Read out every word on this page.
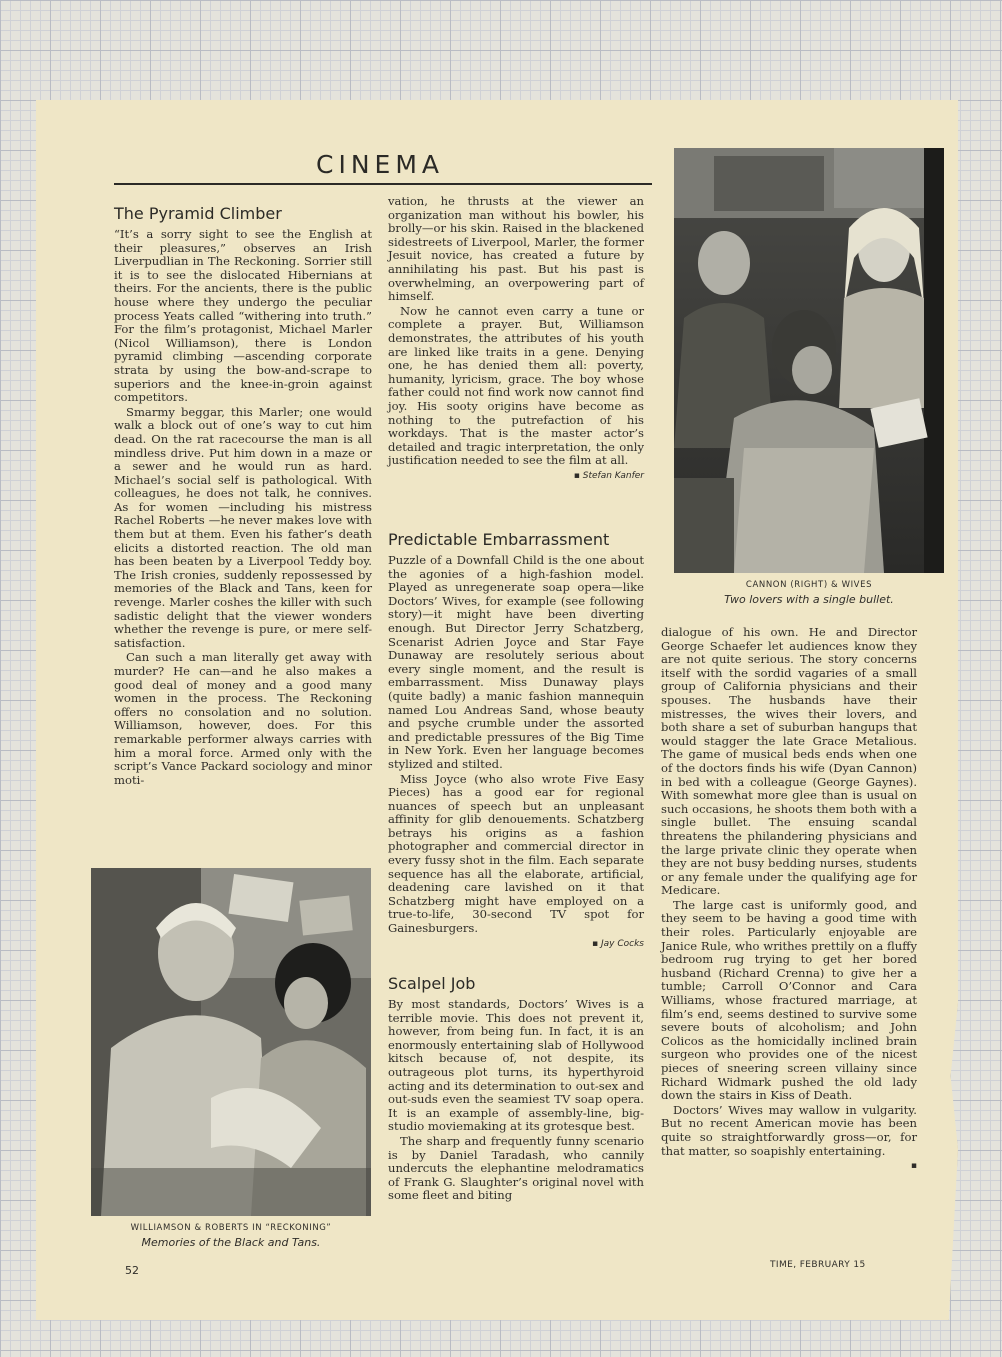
CINEMA
The Pyramid Climber

“It’s a sorry sight to see the English at their pleasures,” observes an Irish Liverpudlian in The Reckoning. Sorrier still it is to see the dislocated Hibernians at theirs. For the ancients, there is the public house where they undergo the peculiar process Yeats called “withering into truth.” For the film’s protagonist, Michael Marler (Nicol Williamson), there is London pyramid climbing —ascending corporate strata by using the bow-and-scrape to superiors and the knee-in-groin against competitors.

Smarmy beggar, this Marler; one would walk a block out of one’s way to cut him dead. On the rat racecourse the man is all mindless drive. Put him down in a maze or a sewer and he would run as hard. Michael’s social self is pathological. With colleagues, he does not talk, he connives. As for women —including his mistress Rachel Roberts —he never makes love with them but at them. Even his father’s death elicits a distorted reaction. The old man has been beaten by a Liverpool Teddy boy. The Irish cronies, suddenly repossessed by memories of the Black and Tans, keen for revenge. Marler coshes the killer with such sadistic delight that the viewer wonders whether the revenge is pure, or mere self-satisfaction.

Can such a man literally get away with murder? He can—and he also makes a good deal of money and a good many women in the process. The Reckoning offers no consolation and no solution. Williamson, however, does. For this remarkable performer always carries with him a moral force. Armed only with the script’s Vance Packard sociology and minor moti-

vation, he thrusts at the viewer an organization man without his bowler, his brolly—or his skin. Raised in the blackened sidestreets of Liverpool, Marler, the former Jesuit novice, has created a future by annihilating his past. But his past is overwhelming, an overpowering part of himself.

Now he cannot even carry a tune or complete a prayer. But, Williamson demonstrates, the attributes of his youth are linked like traits in a gene. Denying one, he has denied them all: poverty, humanity, lyricism, grace. The boy whose father could not find work now cannot find joy. His sooty origins have become as nothing to the putrefaction of his workdays. That is the master actor’s detailed and tragic interpretation, the only justification needed to see the film at all.

▪ Stefan Kanfer
Predictable Embarrassment

Puzzle of a Downfall Child is the one about the agonies of a high-fashion model. Played as unregenerate soap opera—like Doctors’ Wives, for example (see following story)—it might have been diverting enough. But Director Jerry Schatzberg, Scenarist Adrien Joyce and Star Faye Dunaway are resolutely serious about every single moment, and the result is embarrassment. Miss Dunaway plays (quite badly) a manic fashion mannequin named Lou Andreas Sand, whose beauty and psyche crumble under the assorted and predictable pressures of the Big Time in New York. Even her language becomes stylized and stilted.

Miss Joyce (who also wrote Five Easy Pieces) has a good ear for regional nuances of speech but an unpleasant affinity for glib denouements. Schatzberg betrays his origins as a fashion photographer and commercial director in every fussy shot in the film. Each separate sequence has all the elaborate, artificial, deadening care lavished on it that Schatzberg might have employed on a true-to-life, 30-second TV spot for Gainesburgers.

▪ Jay Cocks
Scalpel Job

By most standards, Doctors’ Wives is a terrible movie. This does not prevent it, however, from being fun. In fact, it is an enormously entertaining slab of Hollywood kitsch because of, not despite, its outrageous plot turns, its hyperthyroid acting and its determination to out-sex and out-suds even the seamiest TV soap opera. It is an example of assembly-line, big-studio moviemaking at its grotesque best.

The sharp and frequently funny scenario is by Daniel Taradash, who cannily undercuts the elephantine melodramatics of Frank G. Slaughter’s original novel with some fleet and biting

dialogue of his own. He and Director George Schaefer let audiences know they are not quite serious. The story concerns itself with the sordid vagaries of a small group of California physicians and their spouses. The husbands have their mistresses, the wives their lovers, and both share a set of suburban hangups that would stagger the late Grace Metalious. The game of musical beds ends when one of the doctors finds his wife (Dyan Cannon) in bed with a colleague (George Gaynes). With somewhat more glee than is usual on such occasions, he shoots them both with a single bullet. The ensuing scandal threatens the philandering physicians and the large private clinic they operate when they are not busy bedding nurses, students or any female under the qualifying age for Medicare.

The large cast is uniformly good, and they seem to be having a good time with their roles. Particularly enjoyable are Janice Rule, who writhes prettily on a fluffy bedroom rug trying to get her bored husband (Richard Crenna) to give her a tumble; Carroll O’Connor and Cara Williams, whose fractured marriage, at film’s end, seems destined to survive some severe bouts of alcoholism; and John Colicos as the homicidally inclined brain surgeon who provides one of the nicest pieces of sneering screen villainy since Richard Widmark pushed the old lady down the stairs in Kiss of Death.

Doctors’ Wives may wallow in vulgarity. But no recent American movie has been quite so straightforwardly gross—or, for that matter, so soapishly entertaining.

▪
CANNON (RIGHT) & WIVES
Two lovers with a single bullet.
WILLIAMSON & ROBERTS IN “RECKONING”
Memories of the Black and Tans.
52	TIME, FEBRUARY 15
